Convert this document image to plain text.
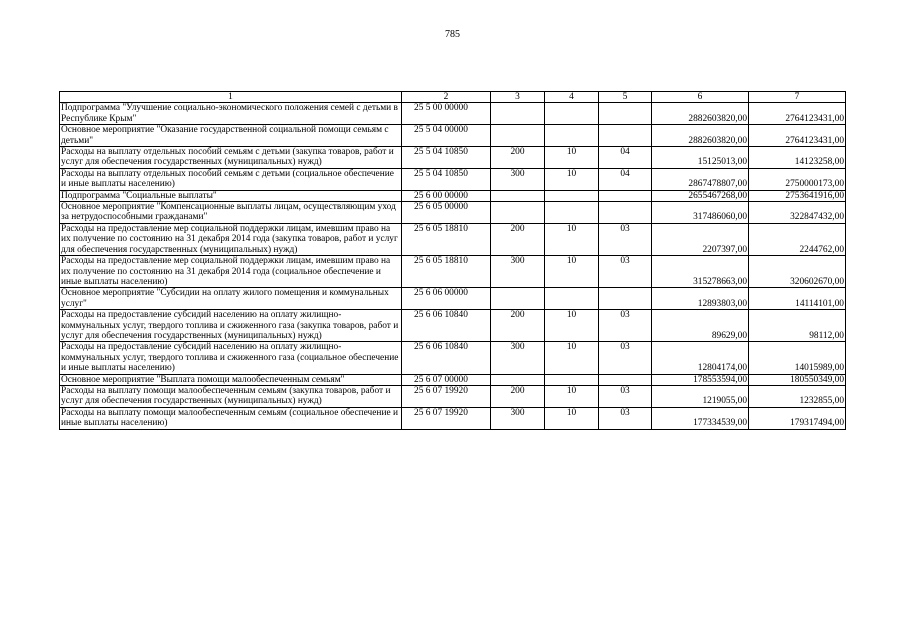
785
1	2	3	4	5	6	7
Подпрограмма "Улучшение социально-экономического положения семей с детьми в Республике Крым"	25 5 00 00000				2882603820,00	2764123431,00
Основное мероприятие "Оказание государственной социальной помощи семьям с детьми"	25 5 04 00000				2882603820,00	2764123431,00
Расходы на выплату отдельных пособий семьям с детьми (закупка товаров, работ и услуг для обеспечения государственных (муниципальных) нужд)	25 5 04 10850	200	10	04	15125013,00	14123258,00
Расходы на выплату отдельных пособий семьям с детьми (социальное обеспечение и иные выплаты населению)	25 5 04 10850	300	10	04	2867478807,00	2750000173,00
Подпрограмма "Социальные выплаты"	25 6 00 00000				2655467268,00	2753641916,00
Основное мероприятие "Компенсационные выплаты лицам, осуществляющим уход за нетрудоспособными гражданами"	25 6 05 00000				317486060,00	322847432,00
Расходы на предоставление мер социальной поддержки лицам, имевшим право на их получение по состоянию на 31 декабря 2014 года (закупка товаров, работ и услуг для обеспечения государственных (муниципальных) нужд)	25 6 05 18810	200	10	03	2207397,00	2244762,00
Расходы на предоставление мер социальной поддержки лицам, имевшим право на их получение по состоянию на 31 декабря 2014 года (социальное обеспечение и иные выплаты населению)	25 6 05 18810	300	10	03	315278663,00	320602670,00
Основное мероприятие "Субсидии на оплату жилого помещения и коммунальных услуг"	25 6 06 00000				12893803,00	14114101,00
Расходы на предоставление субсидий населению на оплату жилищно-коммунальных услуг, твердого топлива и сжиженного газа (закупка товаров, работ и услуг для обеспечения государственных (муниципальных) нужд)	25 6 06 10840	200	10	03	89629,00	98112,00
Расходы на предоставление субсидий населению на оплату жилищно-коммунальных услуг, твердого топлива и сжиженного газа (социальное обеспечение и иные выплаты населению)	25 6 06 10840	300	10	03	12804174,00	14015989,00
Основное мероприятие "Выплата помощи малообеспеченным семьям"	25 6 07 00000				178553594,00	180550349,00
Расходы на выплату помощи малообеспеченным семьям (закупка товаров, работ и услуг для обеспечения государственных (муниципальных) нужд)	25 6 07 19920	200	10	03	1219055,00	1232855,00
Расходы на выплату помощи малообеспеченным семьям (социальное обеспечение и иные выплаты населению)	25 6 07 19920	300	10	03	177334539,00	179317494,00
